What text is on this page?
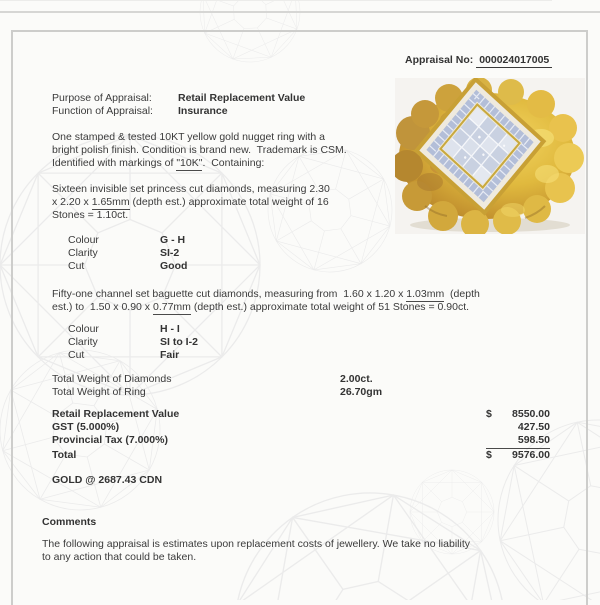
Appraisal No: 000024017005
Purpose of Appraisal:	Retail Replacement Value
Function of Appraisal:	Insurance
One stamped & tested 10KT yellow gold nugget ring with a
bright polish finish. Condition is brand new.  Trademark is CSM.
Identified with markings of "10K".  Containing:
Sixteen invisible set princess cut diamonds, measuring 2.30
x 2.20 x 1.65mm (depth est.) approximate total weight of 16
Stones = 1.10ct.
Colour	G - H
Clarity	SI-2
Cut	Good
Fifty-one channel set baguette cut diamonds, measuring from  1.60 x 1.20 x 1.03mm  (depth
est.) to  1.50 x 0.90 x 0.77mm (depth est.) approximate total weight of 51 Stones = 0.90ct.
Colour	H - I
Clarity	SI to I-2
Cut	Fair
Total Weight of Diamonds	2.00ct.
Total Weight of Ring	26.70gm
Retail Replacement Value	$ 8550.00
GST (5.000%)	427.50
Provincial Tax (7.000%)	598.50
Total	$ 9576.00
GOLD @ 2687.43 CDN
Comments
The following appraisal is estimates upon replacement costs of jewellery. We take no liability
to any action that could be taken.
